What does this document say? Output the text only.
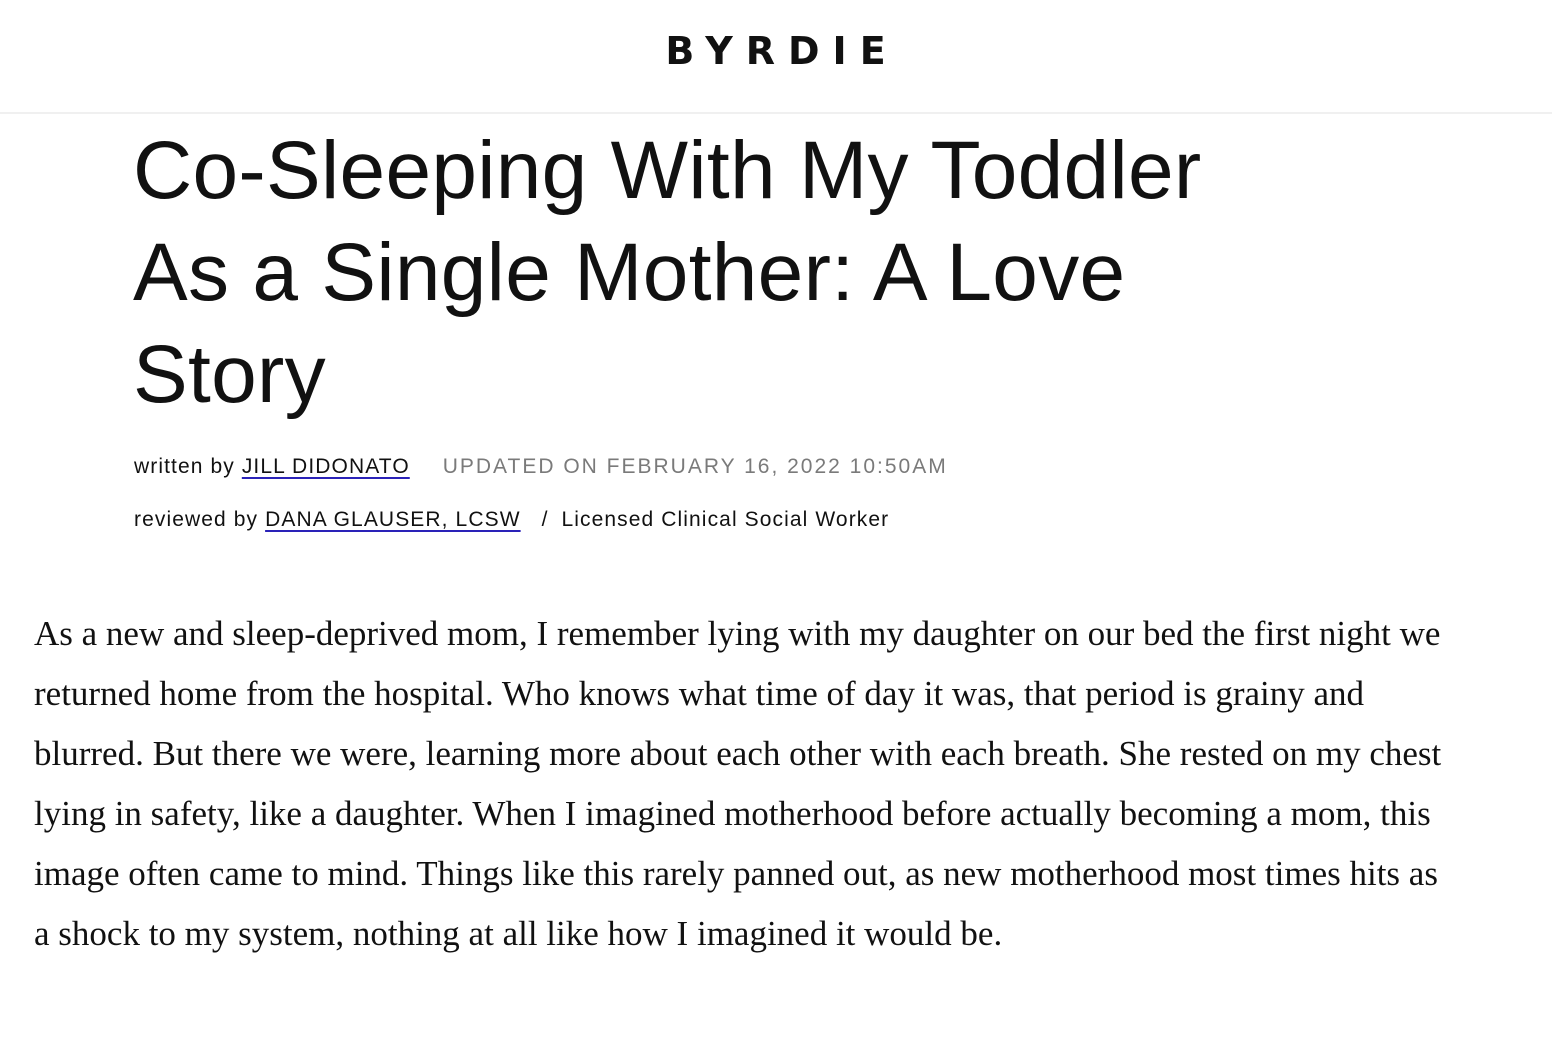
BYRDIE
Co-Sleeping With My Toddler As a Single Mother: A Love Story
written by JILL DIDONATO UPDATED ON FEBRUARY 16, 2022 10:50AM
reviewed by DANA GLAUSER, LCSW / Licensed Clinical Social Worker

As a new and sleep-deprived mom, I remember lying with my daughter on our bed the first night we returned home from the hospital. Who knows what time of day it was, that period is grainy and blurred. But there we were, learning more about each other with each breath. She rested on my chest lying in safety, like a daughter. When I imagined motherhood before actually becoming a mom, this image often came to mind. Things like this rarely panned out, as new motherhood most times hits as a shock to my system, nothing at all like how I imagined it would be.
